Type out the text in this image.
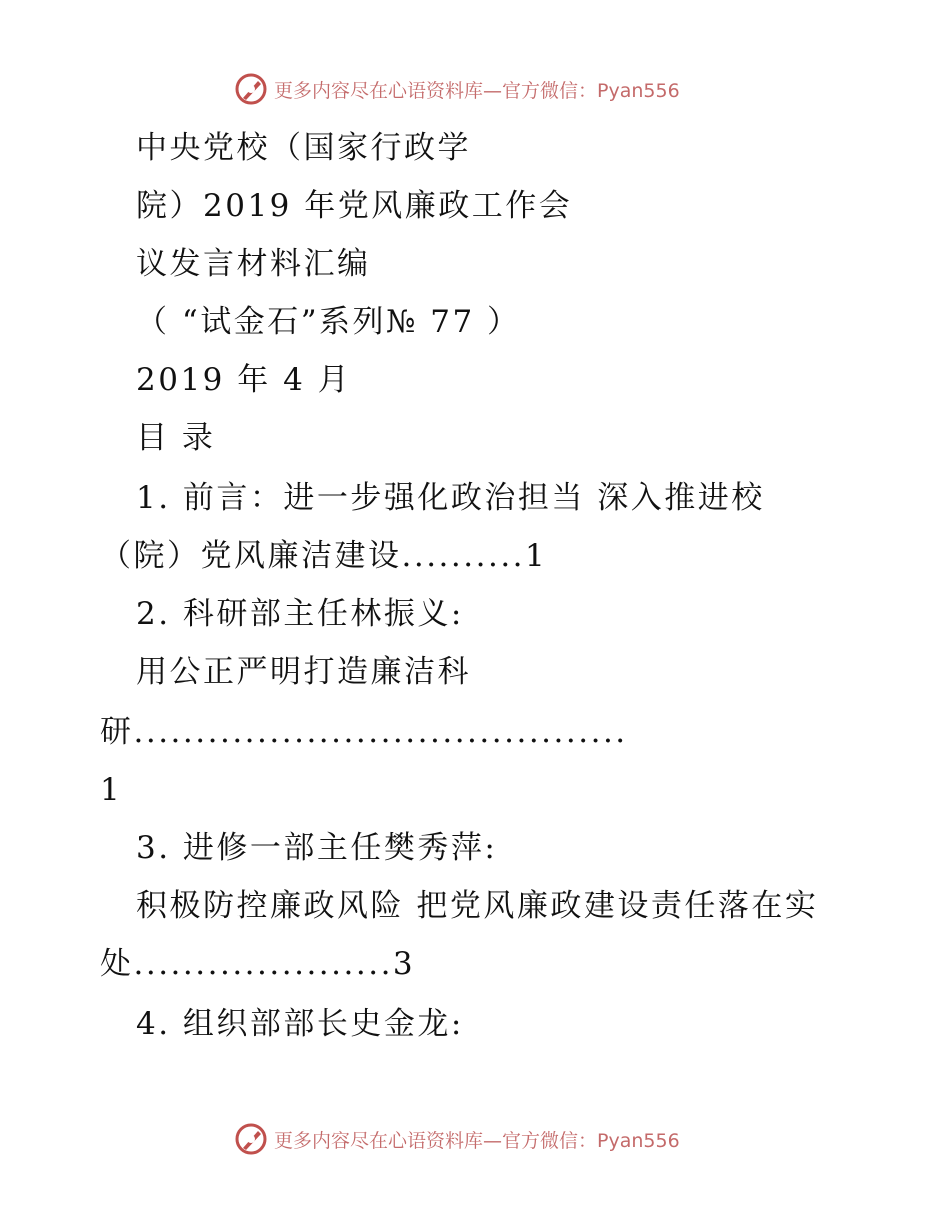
更多内容尽在心语资料库—官方微信：Pyan556
中央党校（国家行政学
院）2019 年党风廉政工作会
议发言材料汇编
（ “试金石”系列№ 77 ）
2019 年 4 月
目 录
1. 前言：进一步强化政治担当 深入推进校
（院）党风廉洁建设..........1
2. 科研部主任林振义:
用公正严明打造廉洁科
研........................................
1
3. 进修一部主任樊秀萍:
积极防控廉政风险 把党风廉政建设责任落在实
处.....................3
4. 组织部部长史金龙:
更多内容尽在心语资料库—官方微信：Pyan556
